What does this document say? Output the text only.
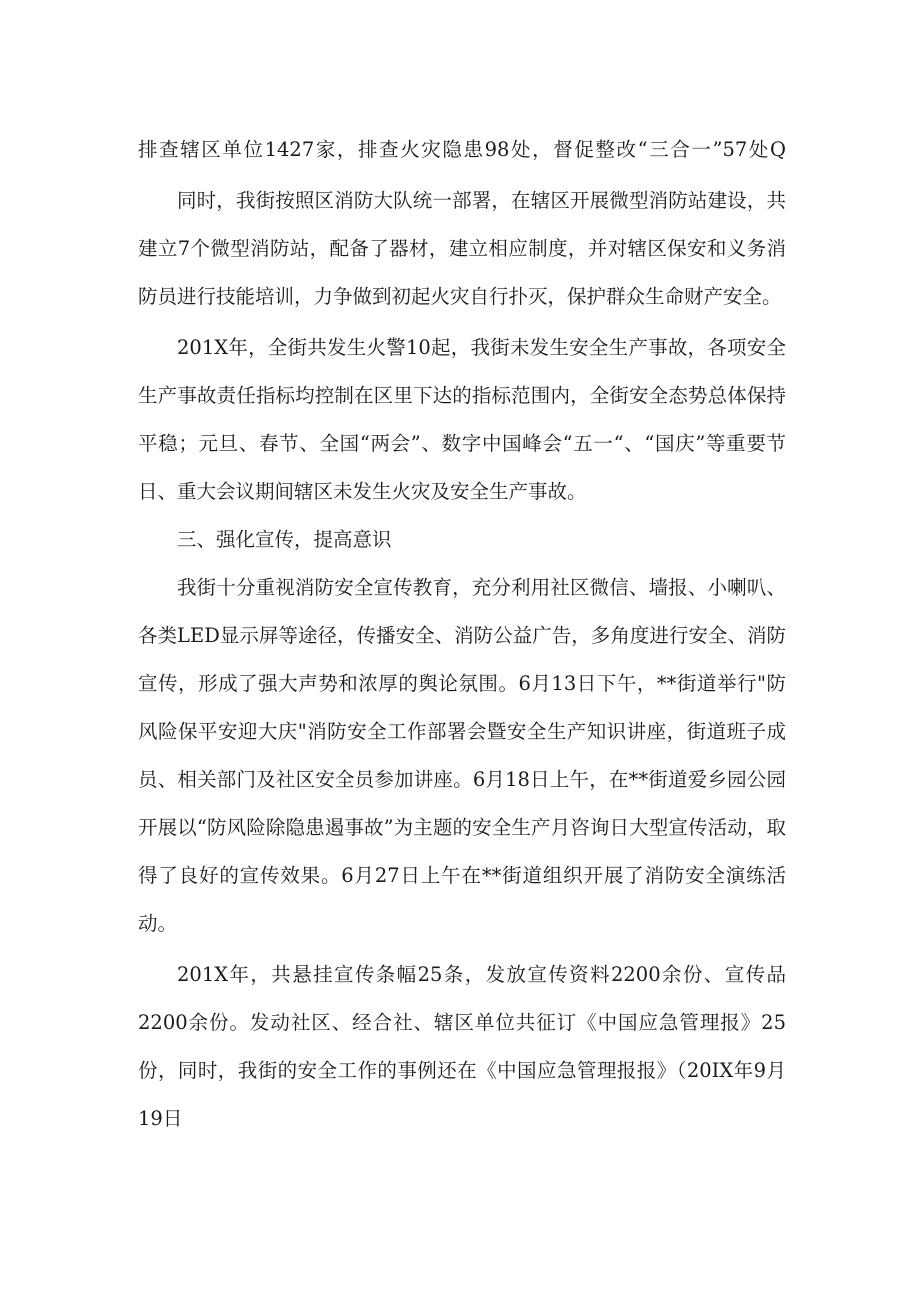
排查辖区单位1427家，排查火灾隐患98处，督促整改“三合一”57处Q

同时，我街按照区消防大队统一部署，在辖区开展微型消防站建设，共建立7个微型消防站，配备了器材，建立相应制度，并对辖区保安和义务消防员进行技能培训，力争做到初起火灾自行扑灭，保护群众生命财产安全。

201X年，全街共发生火警10起，我街未发生安全生产事故，各项安全生产事故责任指标均控制在区里下达的指标范围内，全街安全态势总体保持平稳；元旦、春节、全国“两会”、数字中国峰会“五一“、“国庆”等重要节日、重大会议期间辖区未发生火灾及安全生产事故。

三、强化宣传，提高意识

我街十分重视消防安全宣传教育，充分利用社区微信、墙报、小喇叭、各类LED显示屏等途径，传播安全、消防公益广告，多角度进行安全、消防宣传，形成了强大声势和浓厚的舆论氛围。6月13日下午，**街道举行"防风险保平安迎大庆"消防安全工作部署会暨安全生产知识讲座，街道班子成员、相关部门及社区安全员参加讲座。6月18日上午，在**街道爱乡园公园开展以“防风险除隐患遏事故”为主题的安全生产月咨询日大型宣传活动，取得了良好的宣传效果。6月27日上午在**街道组织开展了消防安全演练活动。

201X年，共悬挂宣传条幅25条，发放宣传资料2200余份、宣传品2200余份。发动社区、经合社、辖区单位共征订《中国应急管理报》25份，同时，我街的安全工作的事例还在《中国应急管理报报》（20IX年9月19日
